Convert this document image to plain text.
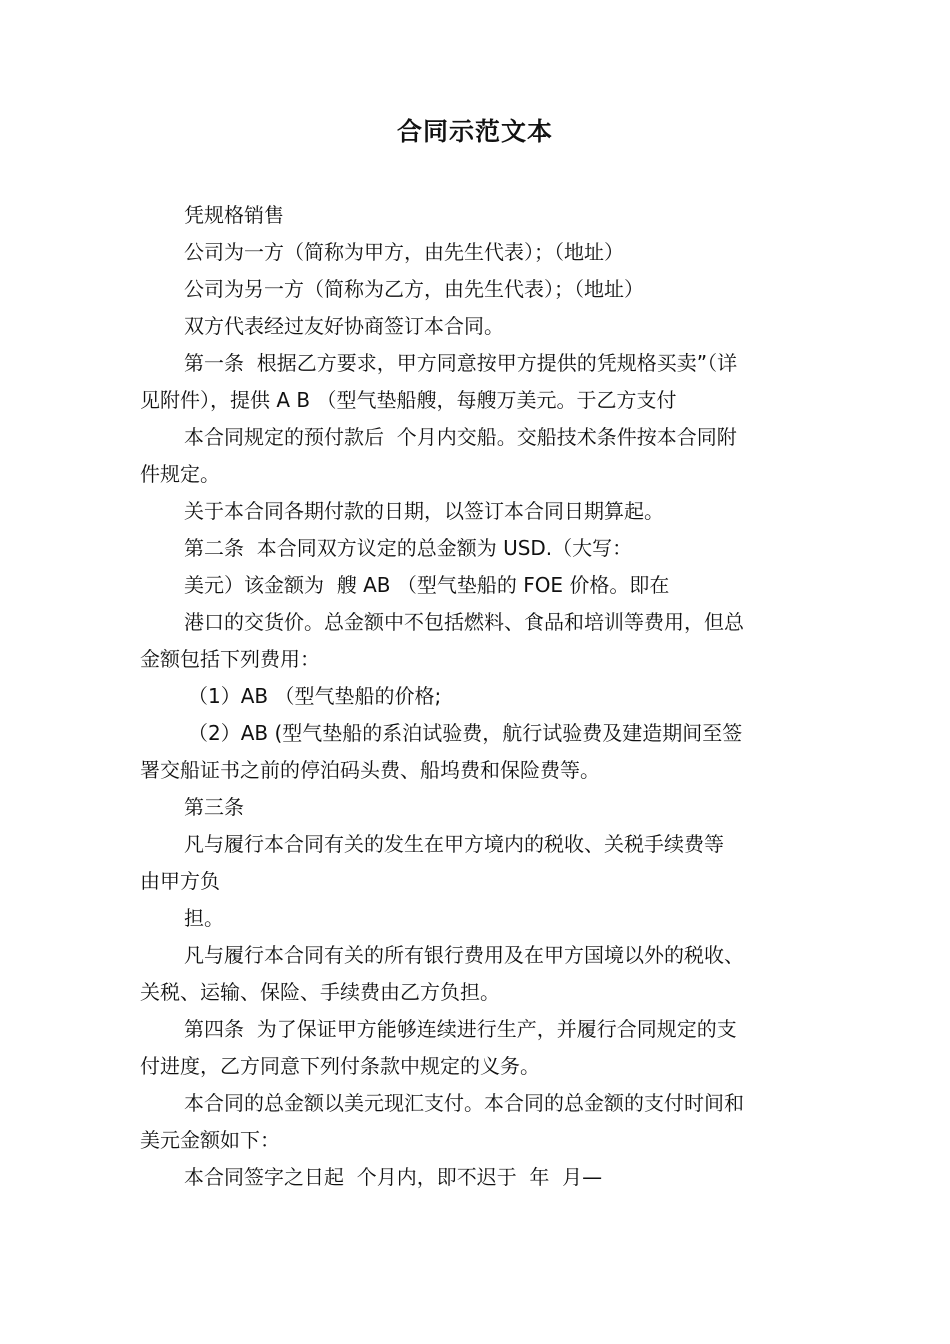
合同示范文本

凭规格销售

公司为一方（简称为甲方，由先生代表）；（地址）

公司为另一方（简称为乙方，由先生代表）；（地址）

双方代表经过友好协商签订本合同。

第一条  根据乙方要求，甲方同意按甲方提供的凭规格买卖”（详

见附件），提供 A B （型气垫船艘，每艘万美元。于乙方支付

本合同规定的预付款后  个月内交船。交船技术条件按本合同附

件规定。

关于本合同各期付款的日期，以签订本合同日期算起。

第二条  本合同双方议定的总金额为 USD.（大写：

美元）该金额为  艘 AB （型气垫船的 FOE 价格。即在

港口的交货价。总金额中不包括燃料、食品和培训等费用，但总

金额包括下列费用：

（1）AB （型气垫船的价格;

（2）AB (型气垫船的系泊试验费，航行试验费及建造期间至签

署交船证书之前的停泊码头费、船坞费和保险费等。

第三条

凡与履行本合同有关的发生在甲方境内的税收、关税手续费等

由甲方负

担。

凡与履行本合同有关的所有银行费用及在甲方国境以外的税收、

关税、运输、保险、手续费由乙方负担。

第四条  为了保证甲方能够连续进行生产，并履行合同规定的支

付进度，乙方同意下列付条款中规定的义务。

本合同的总金额以美元现汇支付。本合同的总金额的支付时间和

美元金额如下：

本合同签字之日起  个月内，即不迟于  年  月—
